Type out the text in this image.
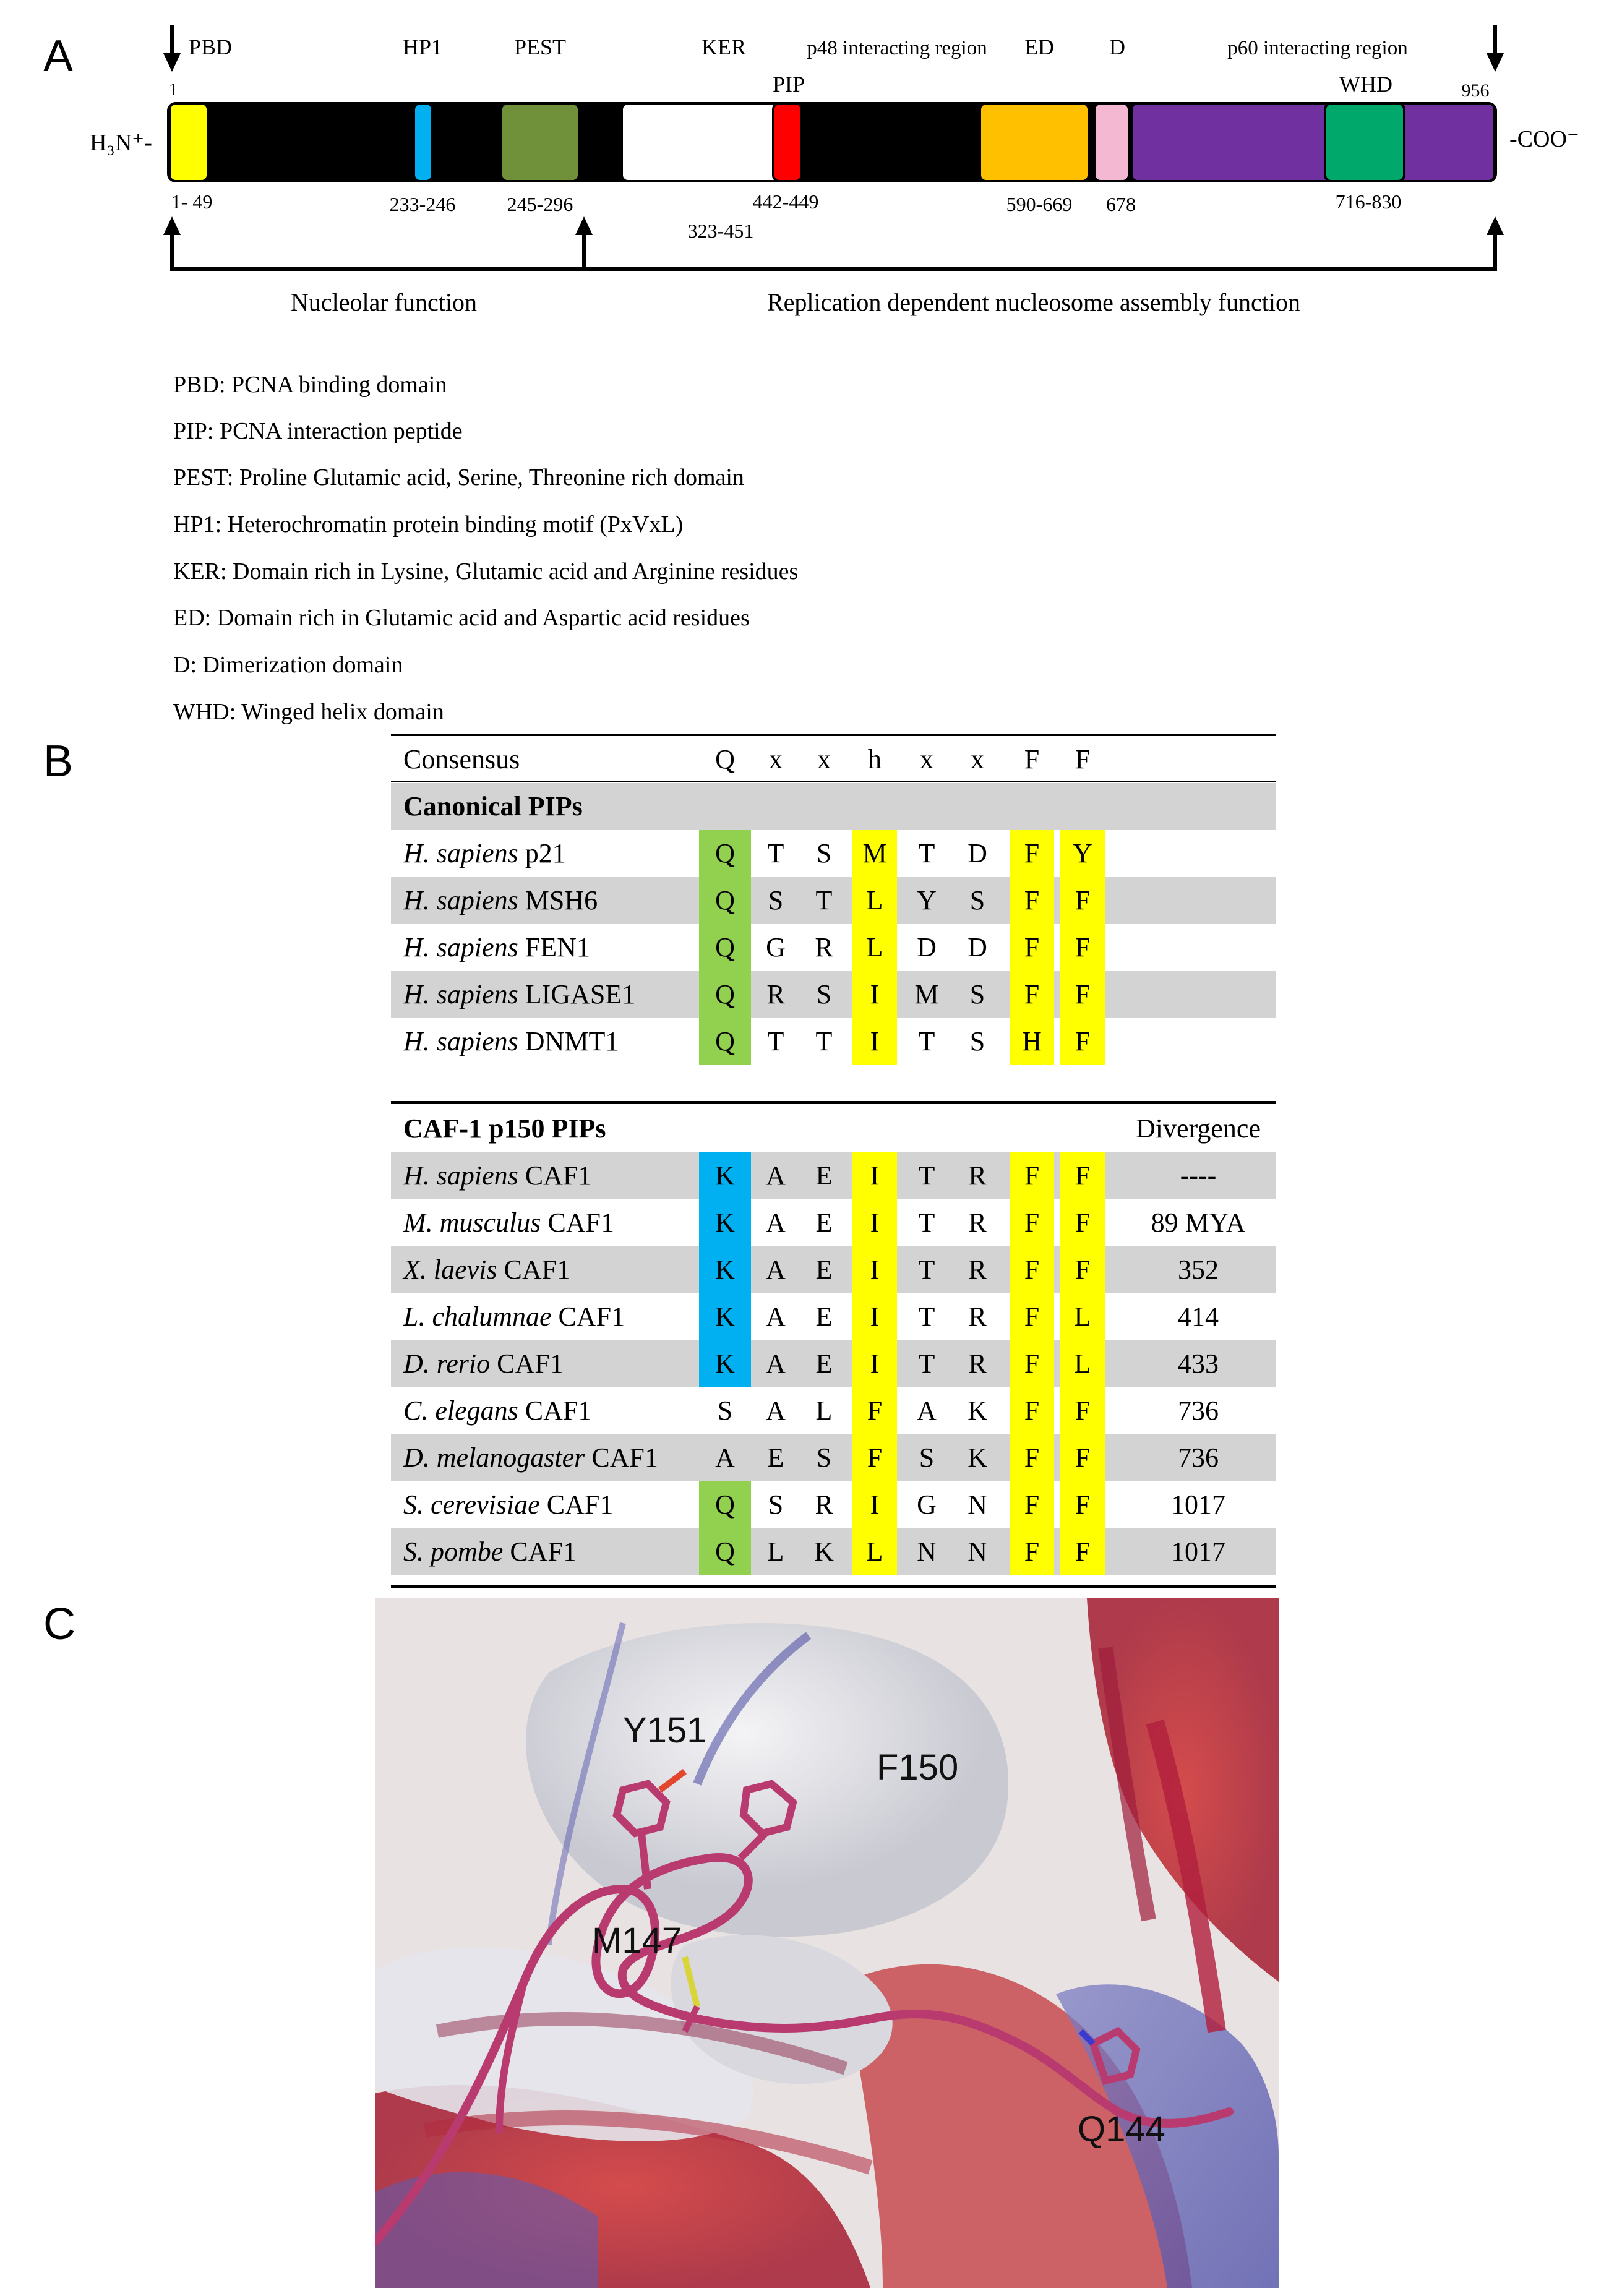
A	PBD	HP1	PEST	KER	p48 interacting region ED D	p60 interacting region
PIP	WHD
1	956
H₃N⁺-	-COO⁻
1- 49	233-246	245-296	442-449
323-451
590-669 678	716-830
Nucleolar function	Replication dependent nucleosome assembly function
PBD: PCNA binding domain
PIP: PCNA interaction peptide
PEST: Proline Glutamic acid, Serine, Threonine rich domain
HP1: Heterochromatin protein binding motif (PxVxL)
KER: Domain rich in Lysine, Glutamic acid and Arginine residues
ED: Domain rich in Glutamic acid and Aspartic acid residues
D: Dimerization domain
WHD: Winged helix domain
B	Consensus	Q	x	x	h	x	x	F	F
Canonical PIPs
H. sapiens p21	Q	T	S	M	T	D	F	Y
H. sapiens MSH6	Q	S	T	L	Y	S	F	F
H. sapiens FEN1	Q	G	R	L	D	D	F	F
H. sapiens LIGASE1	Q	R	S	I	M	S	F	F
H. sapiens DNMT1	Q	T	T	I	T	S	H	F
CAF-1 p150 PIPs	Divergence
H. sapiens CAF1	K	A	E	I	T	R	F	F	----
M. musculus CAF1	K	A	E	I	T	R	F	F	89 MYA
X. laevis CAF1	K	A	E	I	T	R	F	F	352
L. chalumnae CAF1	K	A	E	I	T	R	F	L	414
D. rerio CAF1	K	A	E	I	T	R	F	L	433
C. elegans CAF1	S	A	L	F	A	K	F	F	736
D. melanogaster CAF1	A	E	S	F	S	K	F	F	736
S. cerevisiae CAF1	Q	S	R	I	G	N	F	F	1017
S. pombe CAF1	Q	L	K	L	N	N	F	F	1017
C
Y151
F150
M147
Q144
